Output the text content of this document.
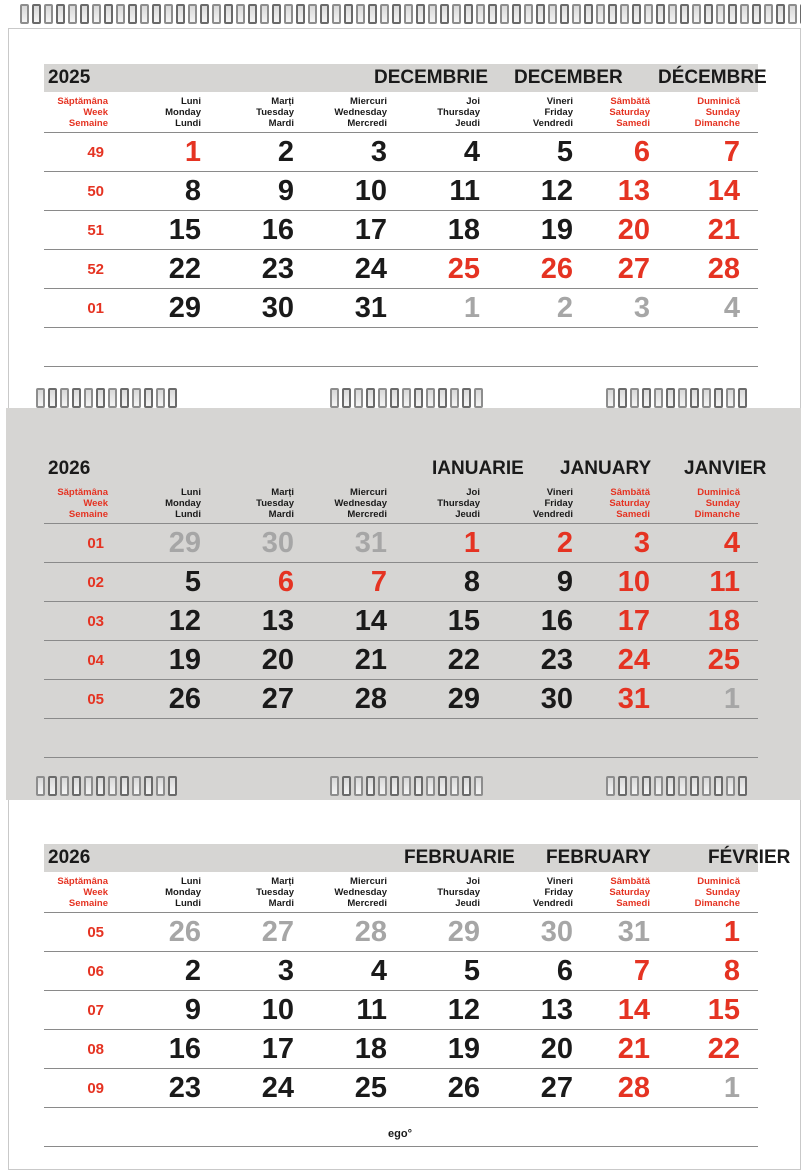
2025	DECEMBRIE DECEMBER DÉCEMBRE
Săptămâna
Week
Semaine
Luni
Monday
Lundi
Marți
Tuesday
Mardi
Miercuri
Wednesday
Mercredi
Joi
Thursday
Jeudi
Vineri
Friday
Vendredi
Sâmbătă
Saturday
Samedi
Duminică
Sunday
Dimanche
49	1	2	3	4	5	6	7
50	8	9	10	11	12	13	14
51	15	16	17	18	19	20	21
52	22	23	24	25	26	27	28
01	29	30	31	1	2	3	4
2026	IANUARIE JANUARY JANVIER
Săptămâna
Week
Semaine
Luni
Monday
Lundi
Marți
Tuesday
Mardi
Miercuri
Wednesday
Mercredi
Joi
Thursday
Jeudi
Vineri
Friday
Vendredi
Sâmbătă
Saturday
Samedi
Duminică
Sunday
Dimanche
01	29	30	31	1	2	3	4
02	5	6	7	8	9	10	11
03	12	13	14	15	16	17	18
04	19	20	21	22	23	24	25
05	26	27	28	29	30	31	1
2026	FEBRUARIE FEBRUARY	FÉVRIER
Săptămâna
Week
Semaine
Luni
Monday
Lundi
Marți
Tuesday
Mardi
Miercuri
Wednesday
Mercredi
Joi
Thursday
Jeudi
Vineri
Friday
Vendredi
Sâmbătă
Saturday
Samedi
Duminică
Sunday
Dimanche
05	26	27	28	29	30	31	1
06	2	3	4	5	6	7	8
07	9	10	11	12	13	14	15
08	16	17	18	19	20	21	22
09	23	24	25	26	27	28	1
ego°
